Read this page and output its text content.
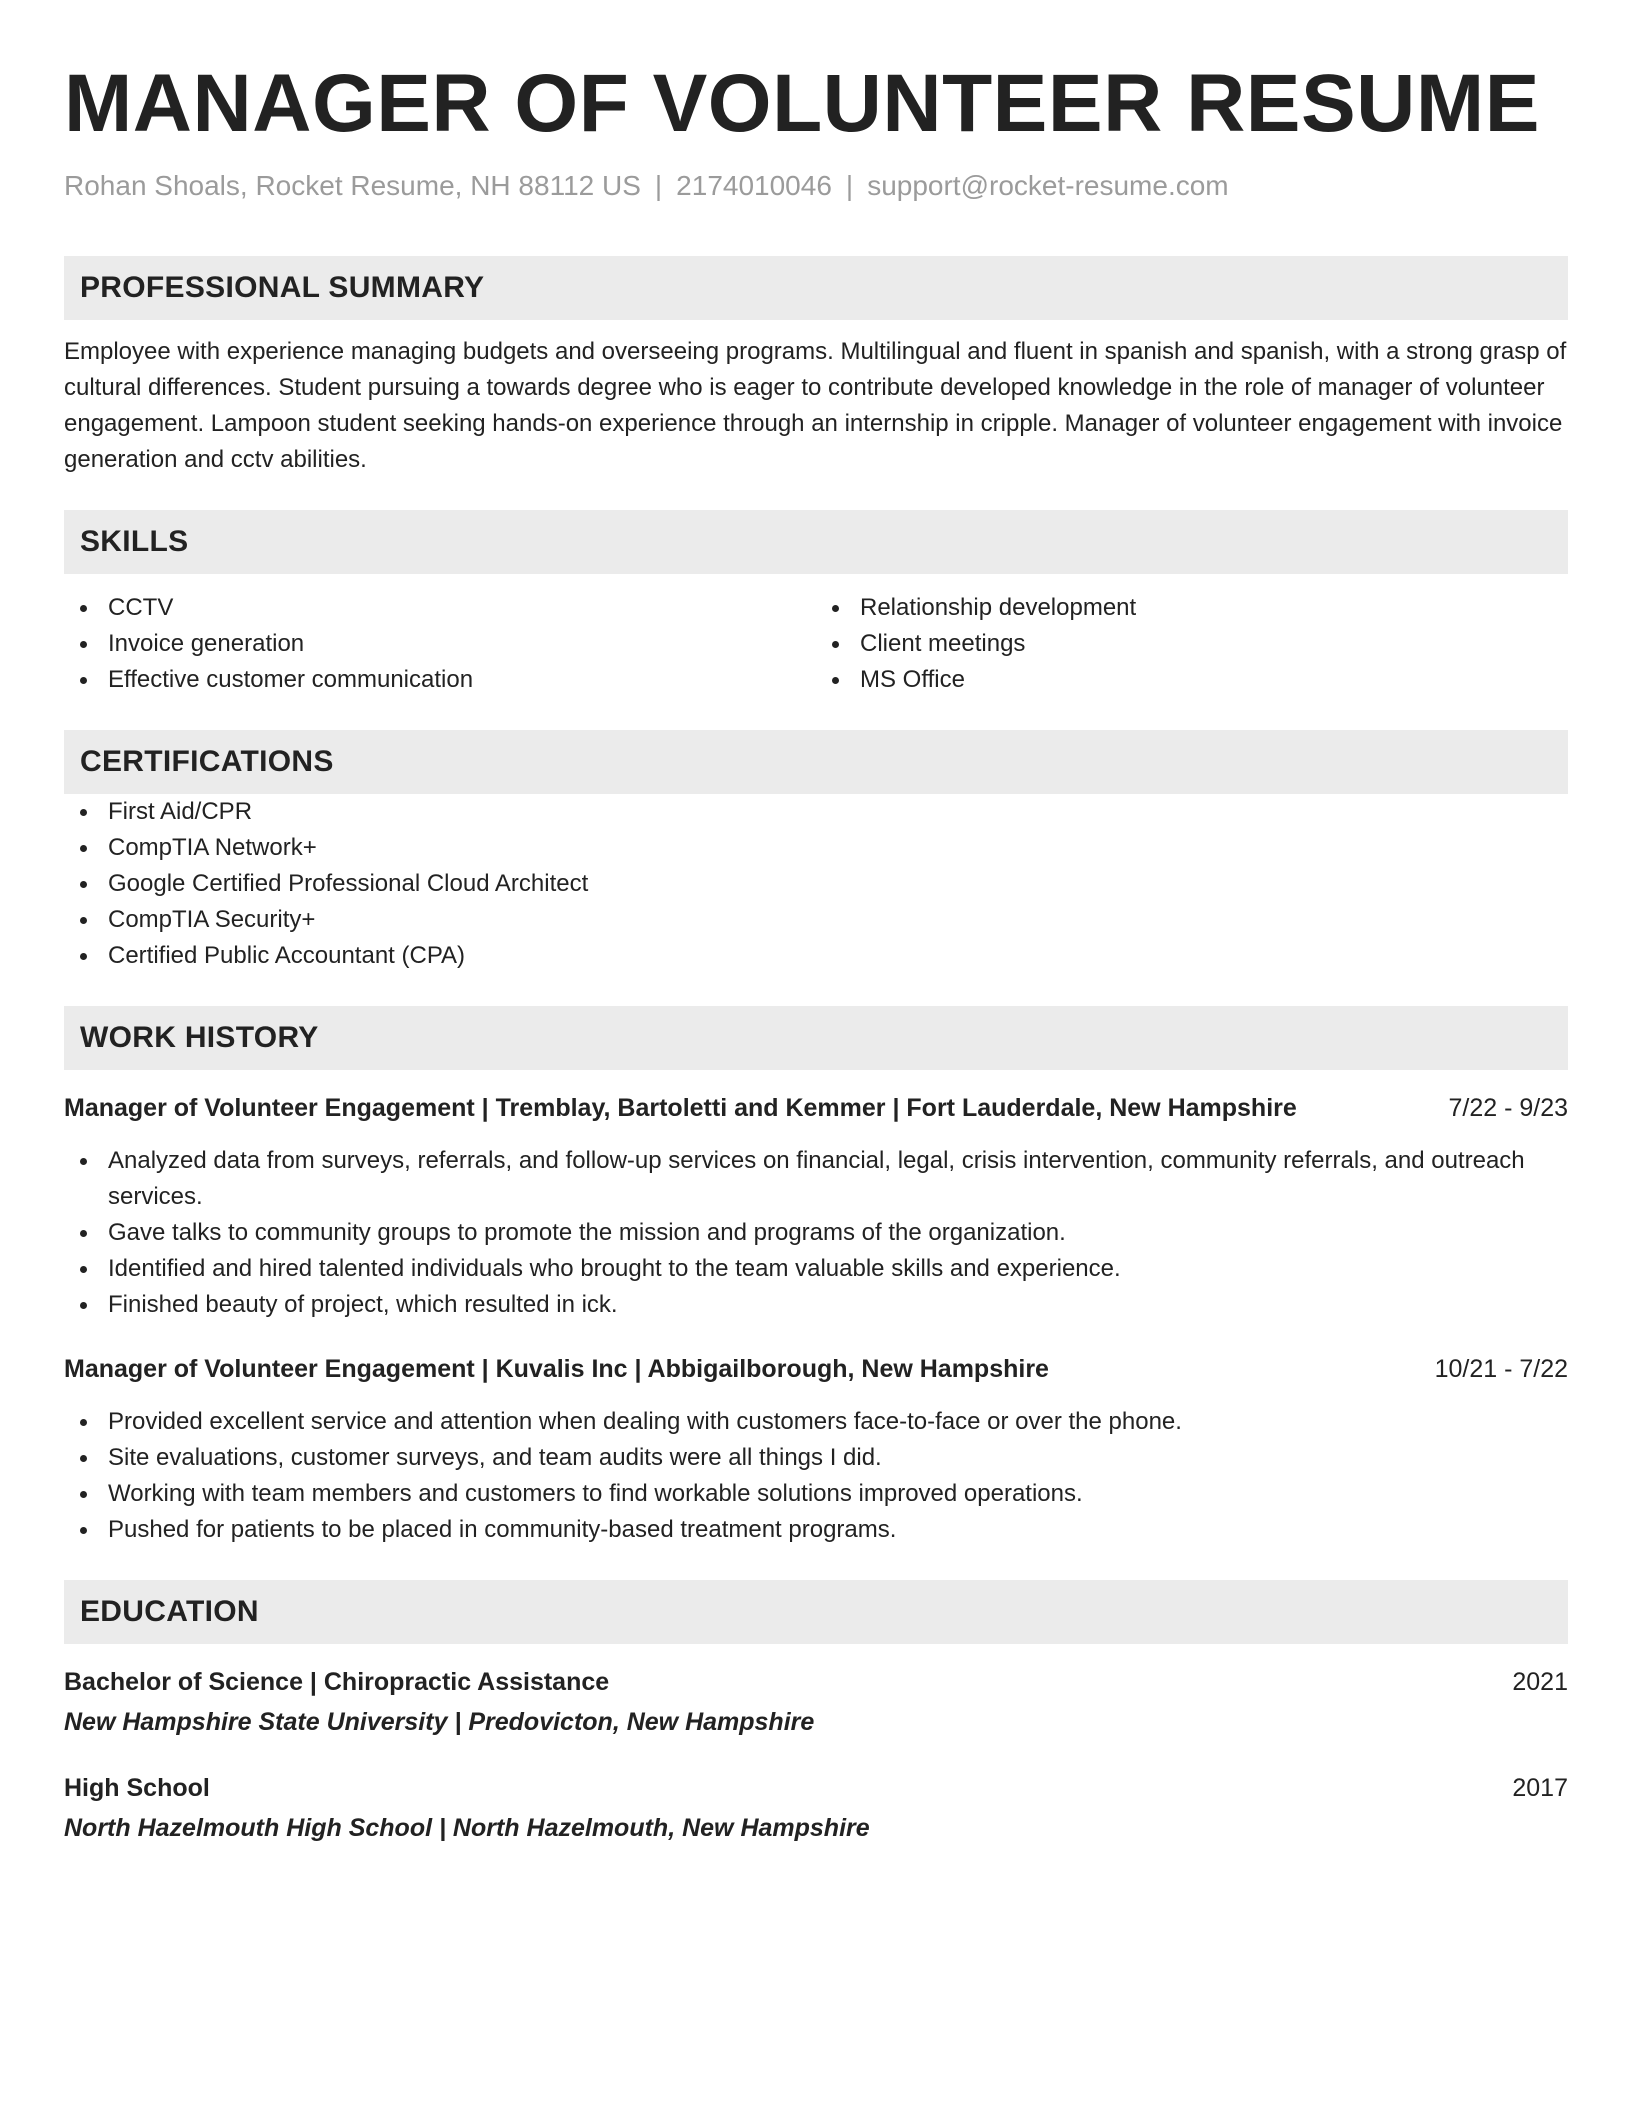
MANAGER OF VOLUNTEER RESUME
Rohan Shoals, Rocket Resume, NH 88112 US | 2174010046 | support@rocket-resume.com
PROFESSIONAL SUMMARY

Employee with experience managing budgets and overseeing programs. Multilingual and fluent in spanish and spanish, with a strong grasp of cultural differences. Student pursuing a towards degree who is eager to contribute developed knowledge in the role of manager of volunteer engagement. Lampoon student seeking hands-on experience through an internship in cripple. Manager of volunteer engagement with invoice generation and cctv abilities.

SKILLS
CCTV
Invoice generation
Effective customer communication
Relationship development
Client meetings
MS Office
CERTIFICATIONS
First Aid/CPR
CompTIA Network+
Google Certified Professional Cloud Architect
CompTIA Security+
Certified Public Accountant (CPA)
WORK HISTORY
Manager of Volunteer Engagement | Tremblay, Bartoletti and Kemmer | Fort Lauderdale, New Hampshire	7/22 - 9/23
Analyzed data from surveys, referrals, and follow-up services on financial, legal, crisis intervention, community referrals, and outreach services.
Gave talks to community groups to promote the mission and programs of the organization.
Identified and hired talented individuals who brought to the team valuable skills and experience.
Finished beauty of project, which resulted in ick.
Manager of Volunteer Engagement | Kuvalis Inc | Abbigailborough, New Hampshire	10/21 - 7/22
Provided excellent service and attention when dealing with customers face-to-face or over the phone.
Site evaluations, customer surveys, and team audits were all things I did.
Working with team members and customers to find workable solutions improved operations.
Pushed for patients to be placed in community-based treatment programs.
EDUCATION
Bachelor of Science | Chiropractic Assistance	2021
New Hampshire State University | Predovicton, New Hampshire
High School	2017
North Hazelmouth High School | North Hazelmouth, New Hampshire
